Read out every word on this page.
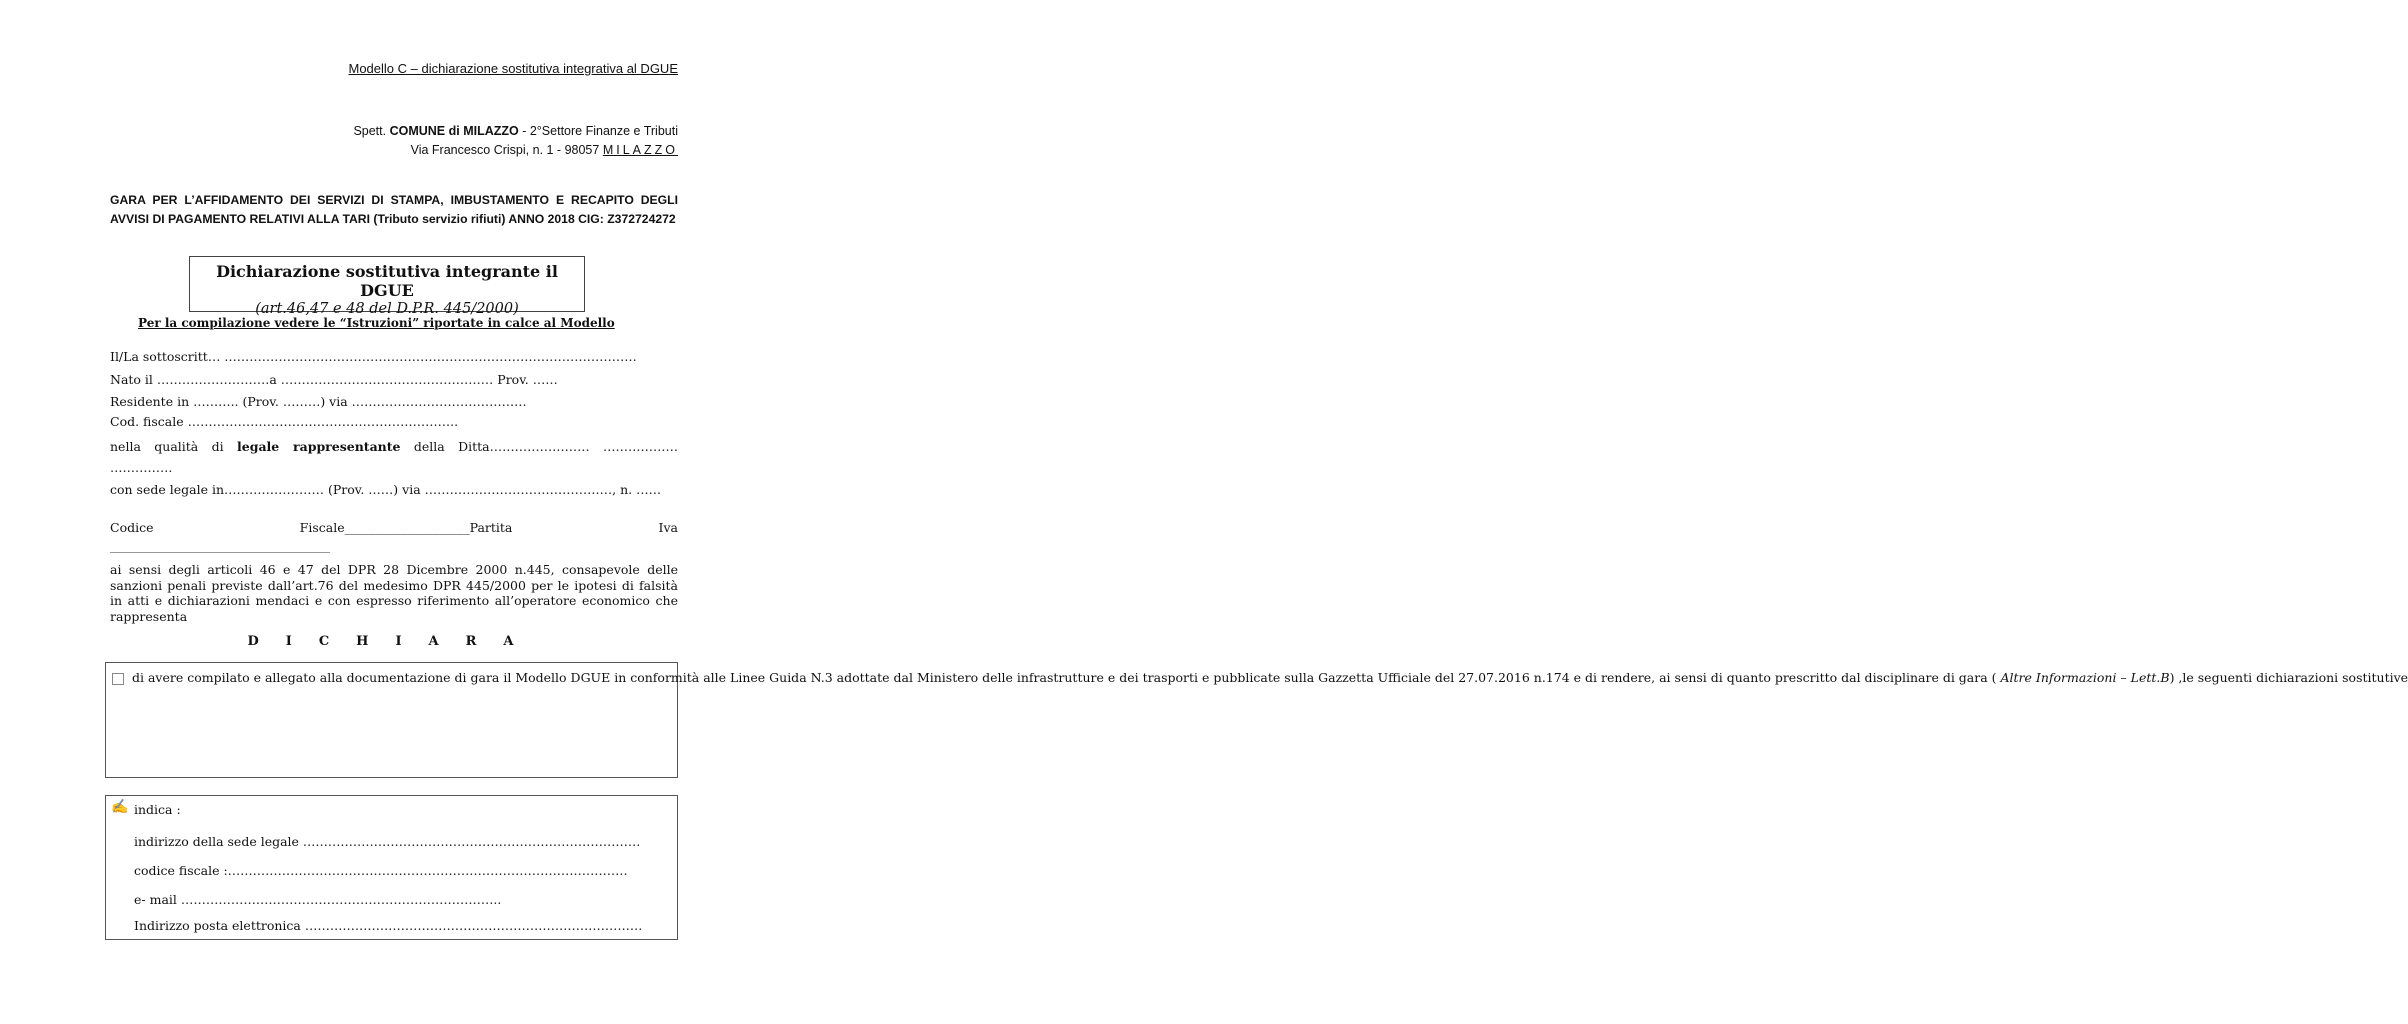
Modello C – dichiarazione sostitutiva integrativa al DGUE
Spett. COMUNE di MILAZZO - 2°Settore Finanze e Tributi
Via Francesco Crispi, n. 1 - 98057 MILAZZO
GARA PER L’AFFIDAMENTO DEI SERVIZI DI STAMPA, IMBUSTAMENTO E RECAPITO DEGLI AVVISI DI PAGAMENTO RELATIVI ALLA TARI (Tributo servizio rifiuti) ANNO 2018 CIG: Z372724272
Dichiarazione sostitutiva integrante il DGUE
(art.46,47 e 48 del D.P.R. 445/2000)
Per la compilazione vedere le “Istruzioni” riportate in calce al Modello
Il/La sottoscritt… ………………………………………………………………………………………
Nato il ………………………a …………………………………………… Prov. ……
Residente in ……….. (Prov. ………) via ……………………………………
Cod. fiscale ………………………………………………………..
nella qualità di legale rappresentante della Ditta…………………… ……………… ……………
con sede legale in…………………… (Prov. ……) via ………………………………………, n. ……
Codice	Fiscale____________________Partita	Iva
________________________________________
ai sensi degli articoli 46 e 47 del DPR 28 Dicembre 2000 n.445, consapevole delle sanzioni penali previste dall’art.76 del medesimo DPR 445/2000 per le ipotesi di falsità in atti e dichiarazioni mendaci e con espresso riferimento all’operatore economico che rappresenta
DICHIARA
di avere compilato e allegato alla documentazione di gara il Modello DGUE in conformità alle Linee Guida N.3 adottate dal Ministero delle infrastrutture e dei trasporti e pubblicate sulla Gazzetta Ufficiale del 27.07.2016 n.174 e di rendere, ai sensi di quanto prescritto dal disciplinare di gara ( Altre Informazioni – Lett.B) ,le seguenti dichiarazioni sostitutive
✍ indica :
indirizzo della sede legale ………………………………………………………………………
codice fiscale :……………………………………………………………………………………
e- mail …………………………………………………………………..
Indirizzo posta elettronica ………………………………………………………………………
